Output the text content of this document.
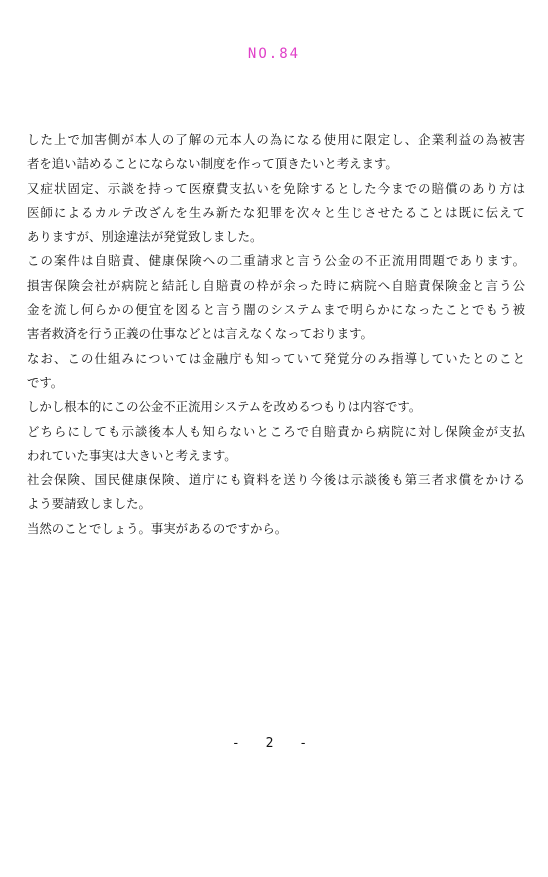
NO.84
した上で加害側が本人の了解の元本人の為になる使用に限定し、企業利益の為被害
者を追い詰めることにならない制度を作って頂きたいと考えます。
又症状固定、示談を持って医療費支払いを免除するとした今までの賠償のあり方は
医師によるカルテ改ざんを生み新たな犯罪を次々と生じさせたることは既に伝えて
ありますが、別途違法が発覚致しました。
この案件は自賠責、健康保険への二重請求と言う公金の不正流用問題であります。
損害保険会社が病院と結託し自賠責の枠が余った時に病院へ自賠責保険金と言う公
金を流し何らかの便宜を図ると言う闇のシステムまで明らかになったことでもう被
害者救済を行う正義の仕事などとは言えなくなっております。
なお、この仕組みについては金融庁も知っていて発覚分のみ指導していたとのこと
です。
しかし根本的にこの公金不正流用システムを改めるつもりは内容です。
どちらにしても示談後本人も知らないところで自賠責から病院に対し保険金が支払
われていた事実は大きいと考えます。
社会保険、国民健康保険、道庁にも資料を送り今後は示談後も第三者求償をかける
よう要請致しました。
当然のことでしょう。事実があるのですから。
- 2 -
